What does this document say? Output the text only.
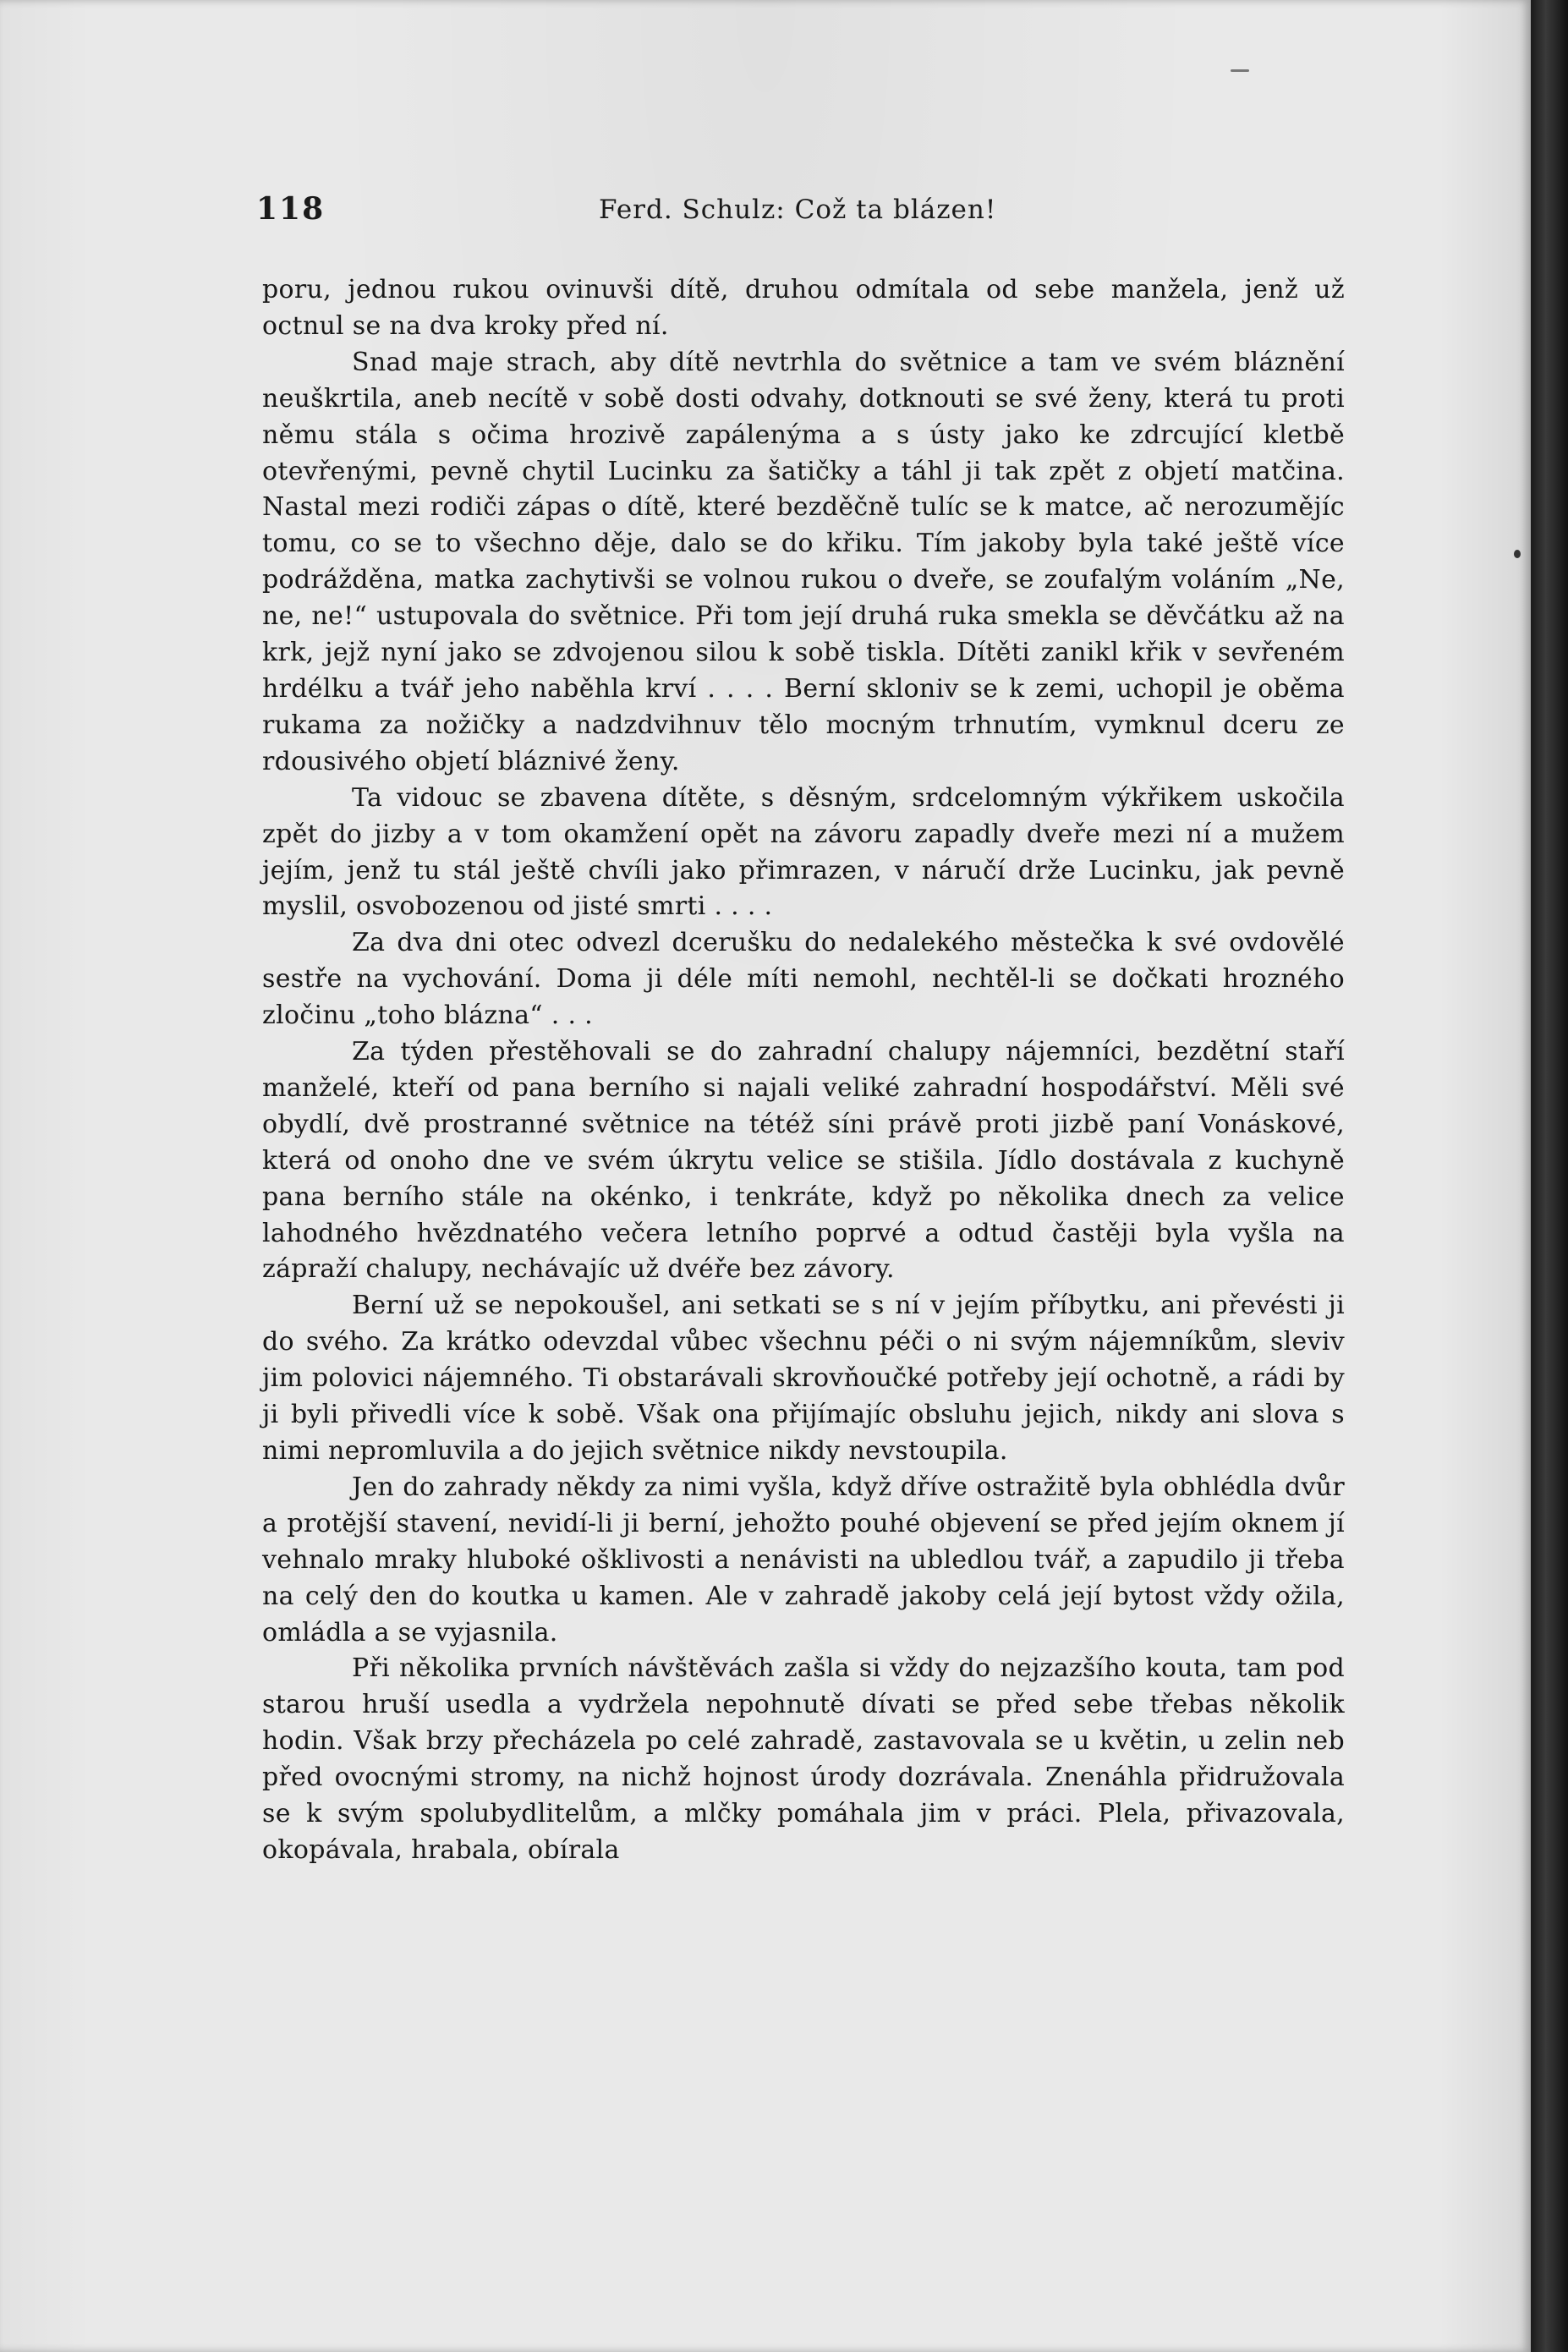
118	Ferd. Schulz: Což ta blázen!

poru, jednou rukou ovinuvši dítě, druhou odmítala od sebe manžela, jenž už octnul se na dva kroky před ní.

Snad maje strach, aby dítě nevtrhla do světnice a tam ve svém bláznění neuškrtila, aneb necítě v sobě dosti odvahy, dotknouti se své ženy, která tu proti němu stála s očima hrozivě zapálenýma a s ústy jako ke zdrcující kletbě otevřenými, pevně chytil Lucinku za šatičky a táhl ji tak zpět z objetí matčina. Nastal mezi rodiči zápas o dítě, které bezděčně tulíc se k matce, ač nerozumějíc tomu, co se to všechno děje, dalo se do křiku. Tím jakoby byla také ještě více podrážděna, matka zachytivši se volnou rukou o dveře, se zoufalým voláním „Ne, ne, ne!“ ustupovala do světnice. Při tom její druhá ruka smekla se děvčátku až na krk, jejž nyní jako se zdvojenou silou k sobě tiskla. Dítěti zanikl křik v sevřeném hrdélku a tvář jeho naběhla krví . . . . Berní skloniv se k zemi, uchopil je oběma rukama za nožičky a nadzdvihnuv tělo mocným trhnutím, vymknul dceru ze rdousivého objetí bláznivé ženy.

Ta vidouc se zbavena dítěte, s děsným, srdcelomným výkřikem uskočila zpět do jizby a v tom okamžení opět na závoru zapadly dveře mezi ní a mužem jejím, jenž tu stál ještě chvíli jako přimrazen, v náručí drže Lucinku, jak pevně myslil, osvobozenou od jisté smrti . . . .

Za dva dni otec odvezl dcerušku do nedalekého městečka k své ovdovělé sestře na vychování. Doma ji déle míti nemohl, nechtěl-li se dočkati hrozného zločinu „toho blázna“ . . .

Za týden přestěhovali se do zahradní chalupy nájemníci, bezdětní staří manželé, kteří od pana berního si najali veliké zahradní hospodářství. Měli své obydlí, dvě prostranné světnice na tétéž síni právě proti jizbě paní Vonáskové, která od onoho dne ve svém úkrytu velice se stišila. Jídlo dostávala z kuchyně pana berního stále na okénko, i tenkráte, když po několika dnech za velice lahodného hvězdnatého večera letního poprvé a odtud častěji byla vyšla na zápraží chalupy, nechávajíc už dvéře bez závory.

Berní už se nepokoušel, ani setkati se s ní v jejím příbytku, ani převésti ji do svého. Za krátko odevzdal vůbec všechnu péči o ni svým nájemníkům, sleviv jim polovici nájemného. Ti obstarávali skrovňoučké potřeby její ochotně, a rádi by ji byli přivedli více k sobě. Však ona přijímajíc obsluhu jejich, nikdy ani slova s nimi nepromluvila a do jejich světnice nikdy nevstoupila.

Jen do zahrady někdy za nimi vyšla, když dříve ostražitě byla obhlédla dvůr a protější stavení, nevidí-li ji berní, jehožto pouhé objevení se před jejím oknem jí vehnalo mraky hluboké ošklivosti a nenávisti na ubledlou tvář, a zapudilo ji třeba na celý den do koutka u kamen. Ale v zahradě jakoby celá její bytost vždy ožila, omládla a se vyjasnila.

Při několika prvních návštěvách zašla si vždy do nejzazšího kouta, tam pod starou hruší usedla a vydržela nepohnutě dívati se před sebe třebas několik hodin. Však brzy přecházela po celé zahradě, zastavovala se u květin, u zelin neb před ovocnými stromy, na nichž hojnost úrody dozrávala. Znenáhla přidružovala se k svým spolubydlitelům, a mlčky pomáhala jim v práci. Plela, přivazovala, okopávala, hrabala, obírala
